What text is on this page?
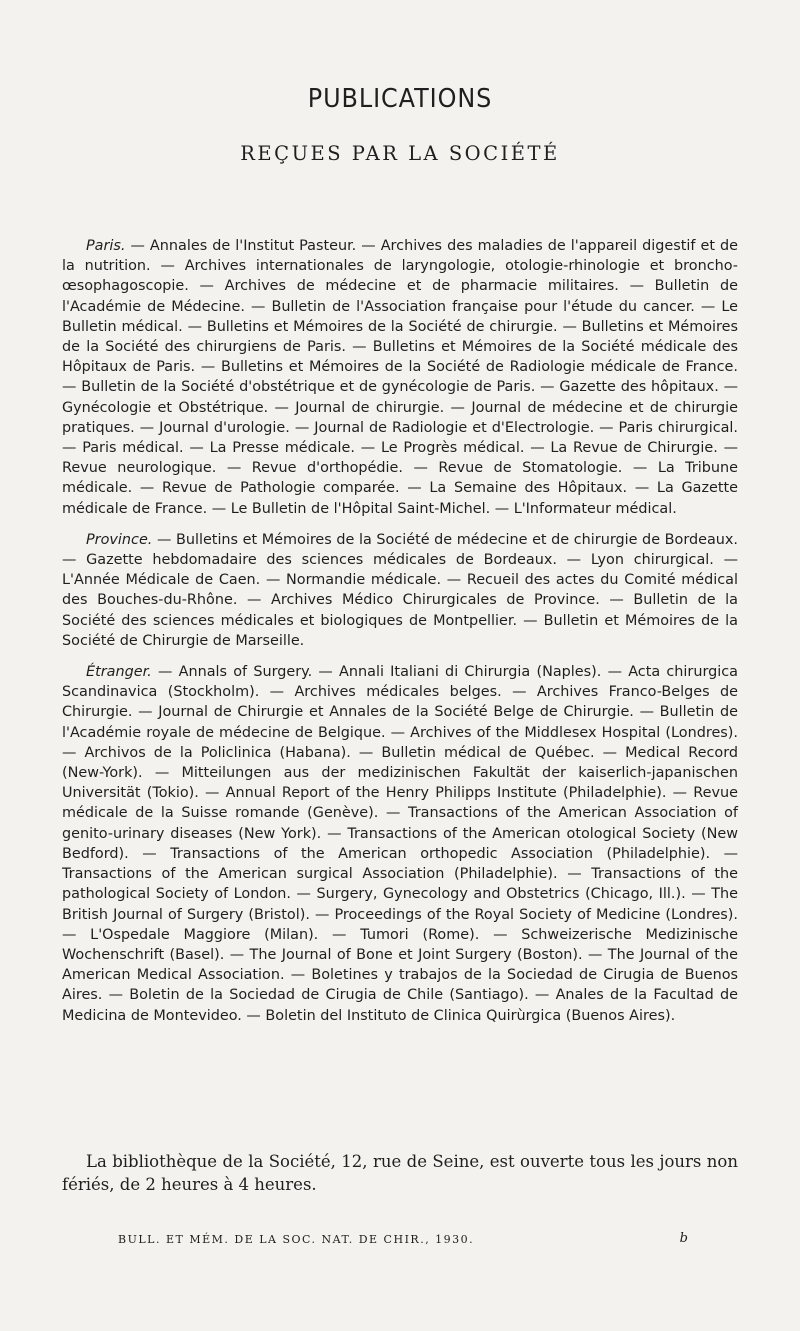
PUBLICATIONS
REÇUES PAR LA SOCIÉTÉ

Paris. — Annales de l'Institut Pasteur. — Archives des maladies de l'appareil digestif et de la nutrition. — Archives internationales de laryngologie, otologie-rhinologie et broncho-œsophagoscopie. — Archives de médecine et de pharmacie militaires. — Bulletin de l'Académie de Médecine. — Bulletin de l'Association française pour l'étude du cancer. — Le Bulletin médical. — Bulletins et Mémoires de la Société de chirurgie. — Bulletins et Mémoires de la Société des chirurgiens de Paris. — Bulletins et Mémoires de la Société médicale des Hôpitaux de Paris. — Bulletins et Mémoires de la Société de Radiologie médicale de France. — Bulletin de la Société d'obstétrique et de gynécologie de Paris. — Gazette des hôpitaux. — Gynécologie et Obstétrique. — Journal de chirurgie. — Journal de médecine et de chirurgie pratiques. — Journal d'urologie. — Journal de Radiologie et d'Electrologie. — Paris chirurgical. — Paris médical. — La Presse médicale. — Le Progrès médical. — La Revue de Chirurgie. — Revue neurologique. — Revue d'orthopédie. — Revue de Stomatologie. — La Tribune médicale. — Revue de Pathologie comparée. — La Semaine des Hôpitaux. — La Gazette médicale de France. — Le Bulletin de l'Hôpital Saint-Michel. — L'Informateur médical.

Province. — Bulletins et Mémoires de la Société de médecine et de chirurgie de Bordeaux. — Gazette hebdomadaire des sciences médicales de Bordeaux. — Lyon chirurgical. — L'Année Médicale de Caen. — Normandie médicale. — Recueil des actes du Comité médical des Bouches-du-Rhône. — Archives Médico Chirurgicales de Province. — Bulletin de la Société des sciences médicales et biologiques de Montpellier. — Bulletin et Mémoires de la Société de Chirurgie de Marseille.

Étranger. — Annals of Surgery. — Annali Italiani di Chirurgia (Naples). — Acta chirurgica Scandinavica (Stockholm). — Archives médicales belges. — Archives Franco-Belges de Chirurgie. — Journal de Chirurgie et Annales de la Société Belge de Chirurgie. — Bulletin de l'Académie royale de médecine de Belgique. — Archives of the Middlesex Hospital (Londres). — Archivos de la Policlinica (Habana). — Bulletin médical de Québec. — Medical Record (New-York). — Mitteilungen aus der medizinischen Fakultät der kaiserlich-japanischen Universität (Tokio). — Annual Report of the Henry Philipps Institute (Philadelphie). — Revue médicale de la Suisse romande (Genève). — Transactions of the American Association of genito-urinary diseases (New York). — Transactions of the American otological Society (New Bedford). — Transactions of the American orthopedic Association (Philadelphie). — Transactions of the American surgical Association (Philadelphie). — Transactions of the pathological Society of London. — Surgery, Gynecology and Obstetrics (Chicago, Ill.). — The British Journal of Surgery (Bristol). — Proceedings of the Royal Society of Medicine (Londres). — L'Ospedale Maggiore (Milan). — Tumori (Rome). — Schweizerische Medizinische Wochenschrift (Basel). — The Journal of Bone et Joint Surgery (Boston). — The Journal of the American Medical Association. — Boletines y trabajos de la Sociedad de Cirugia de Buenos Aires. — Boletin de la Sociedad de Cirugia de Chile (Santiago). — Anales de la Facultad de Medicina de Montevideo. — Boletin del Instituto de Clinica Quirùrgica (Buenos Aires).

La bibliothèque de la Société, 12, rue de Seine, est ouverte tous les jours non fériés, de 2 heures à 4 heures.
BULL. ET MÉM. DE LA SOC. NAT. DE CHIR., 1930.	b
